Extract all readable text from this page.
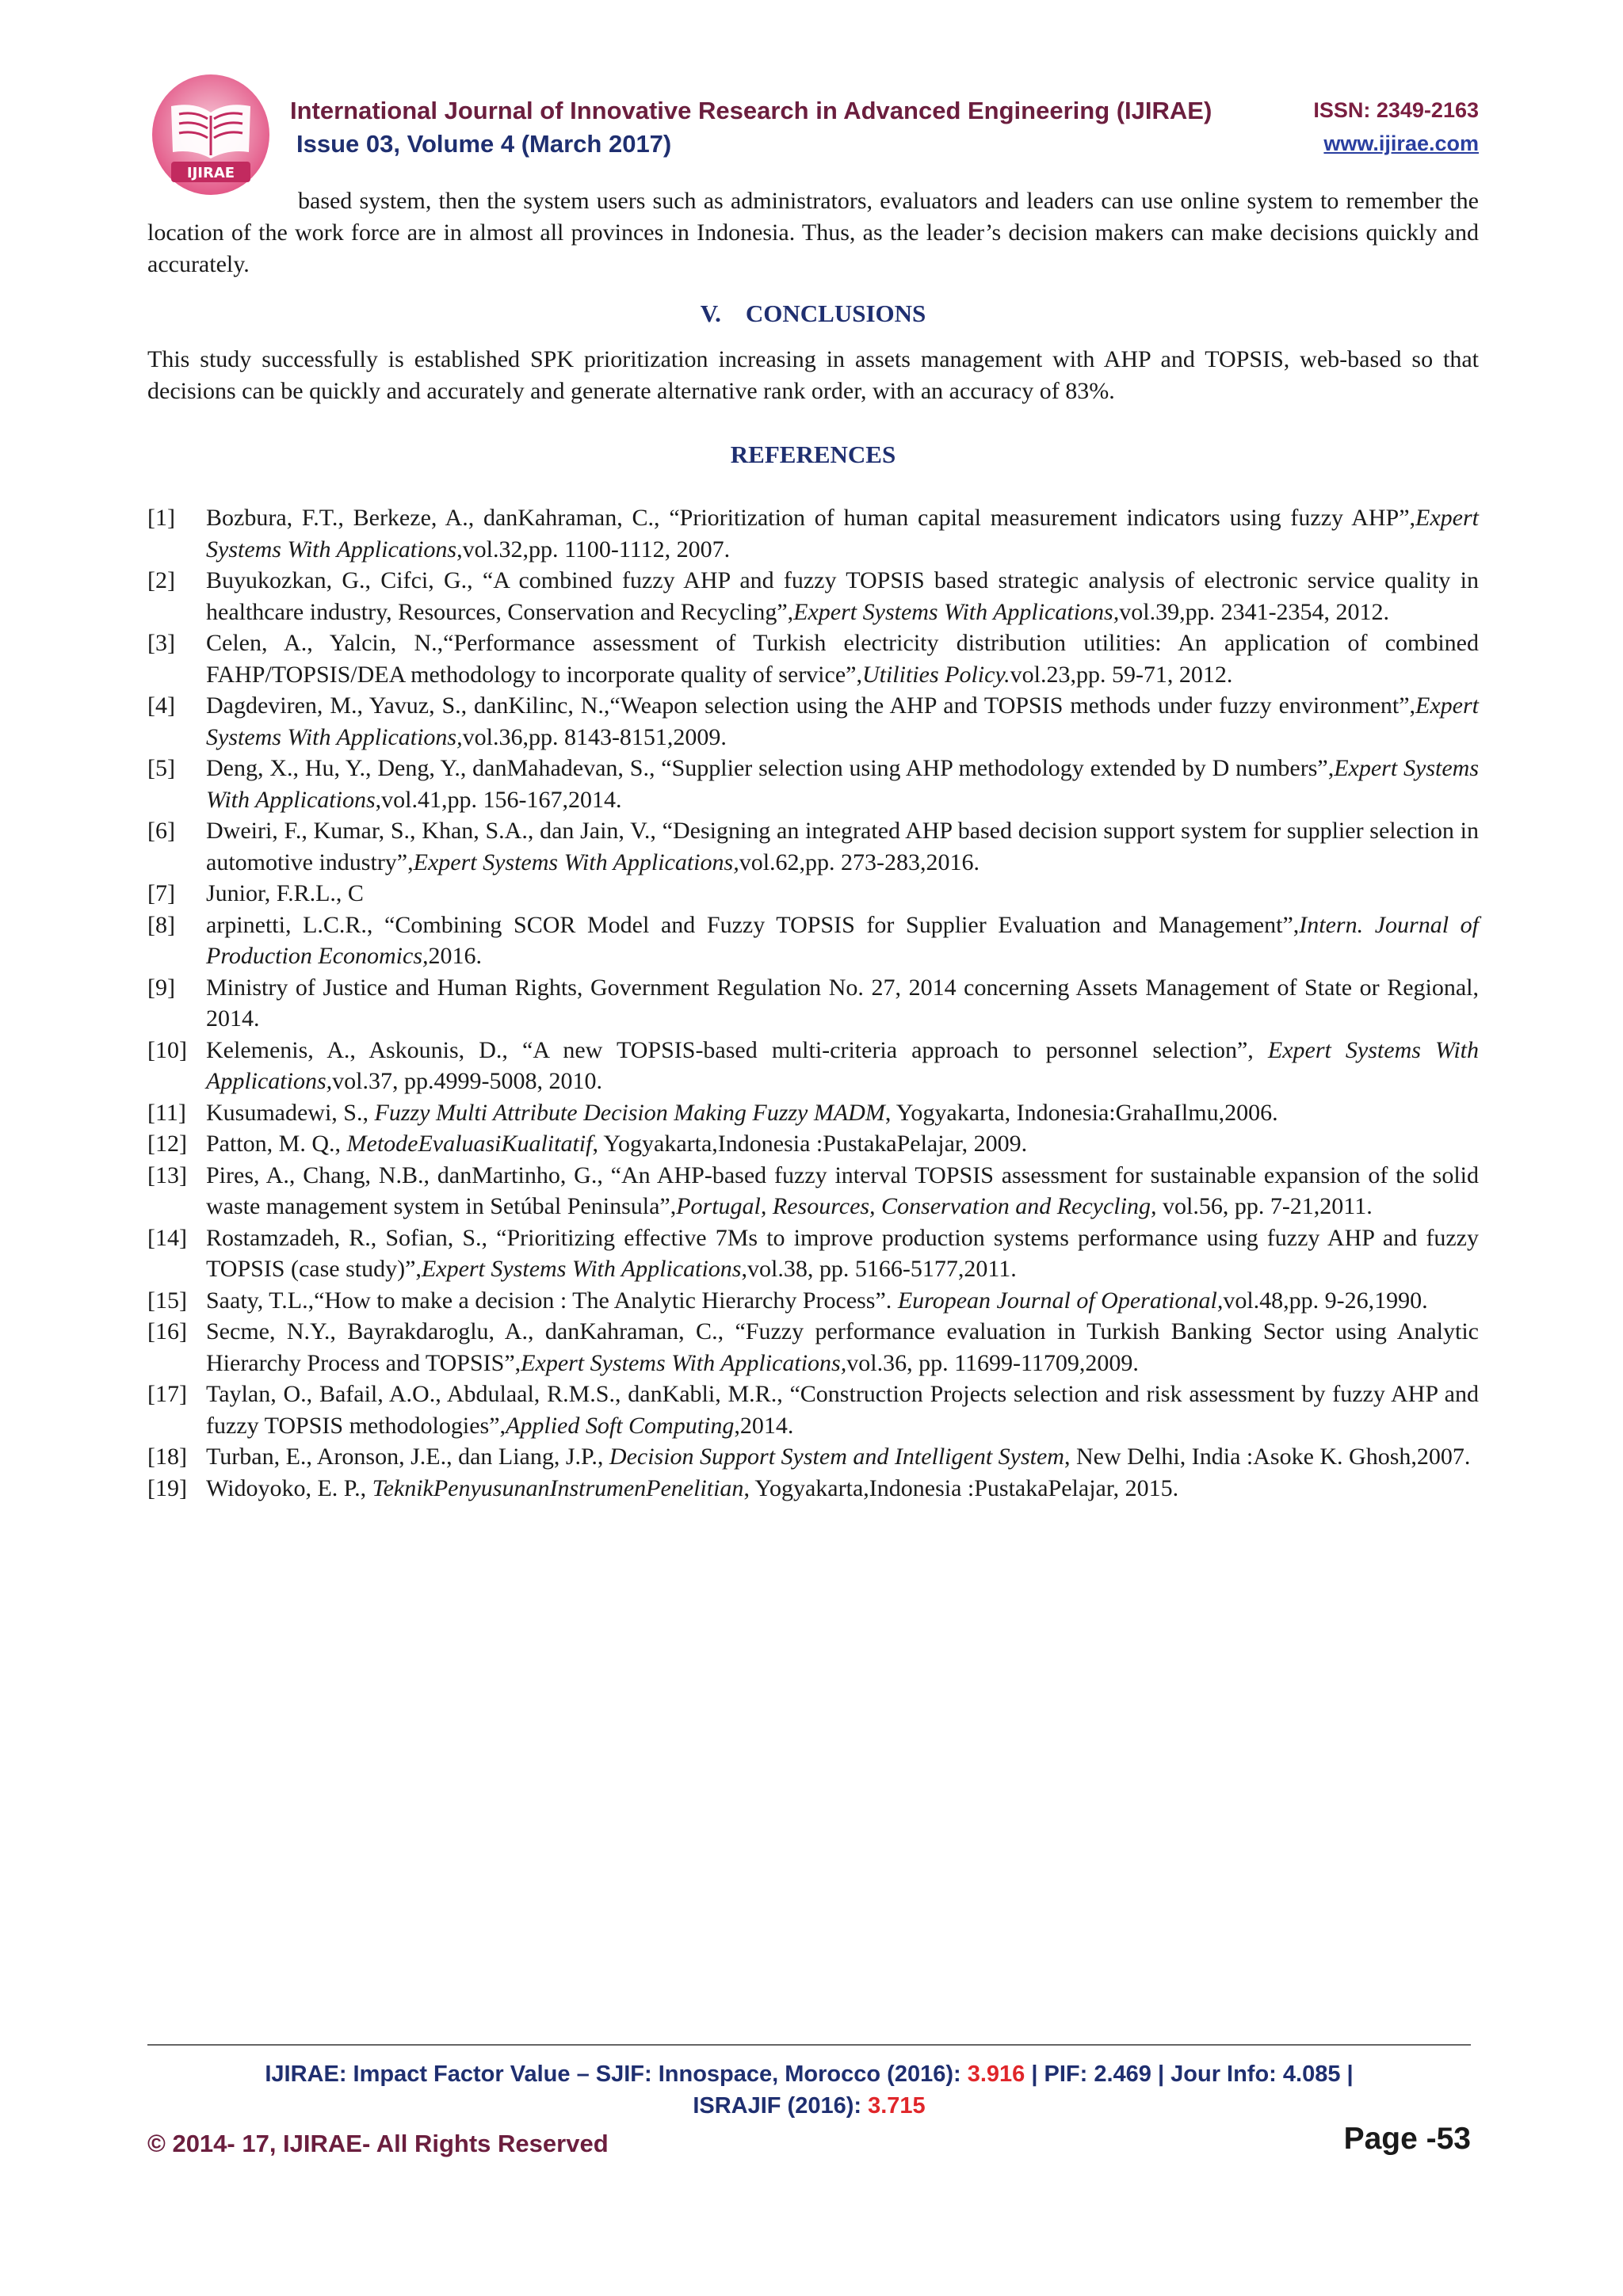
IJIRAE
International Journal of Innovative Research in Advanced Engineering (IJIRAE)	ISSN: 2349-2163
Issue 03, Volume 4 (March 2017)	www.ijirae.com

based system, then the system users such as administrators, evaluators and leaders can use online system to remember the location of the work force are in almost all provinces in Indonesia. Thus, as the leader’s decision makers can make decisions quickly and accurately.

V.    CONCLUSIONS

This study successfully is established SPK prioritization increasing in assets management with AHP and TOPSIS, web-based so that decisions can be quickly and accurately and generate alternative rank order, with an accuracy of 83%.

REFERENCES
[1]	Bozbura, F.T., Berkeze, A., danKahraman, C., “Prioritization of human capital measurement indicators using fuzzy AHP”,Expert Systems With Applications,vol.32,pp. 1100-1112, 2007.
[2]	Buyukozkan, G., Cifci, G., “A combined fuzzy AHP and fuzzy TOPSIS based strategic analysis of electronic service quality in healthcare industry, Resources, Conservation and Recycling”,Expert Systems With Applications,vol.39,pp. 2341-2354, 2012.
[3]	Celen, A., Yalcin, N.,“Performance assessment of Turkish electricity distribution utilities: An application of combined FAHP/TOPSIS/DEA methodology to incorporate quality of service”,Utilities Policy.vol.23,pp. 59-71, 2012.
[4]	Dagdeviren, M., Yavuz, S., danKilinc, N.,“Weapon selection using the AHP and TOPSIS methods under fuzzy environment”,Expert Systems With Applications,vol.36,pp. 8143-8151,2009.
[5]	Deng, X., Hu, Y., Deng, Y., danMahadevan, S., “Supplier selection using AHP methodology extended by D numbers”,Expert Systems With Applications,vol.41,pp. 156-167,2014.
[6]	Dweiri, F., Kumar, S., Khan, S.A., dan Jain, V., “Designing an integrated AHP based decision support system for supplier selection in automotive industry”,Expert Systems With Applications,vol.62,pp. 273-283,2016.
[7]	Junior, F.R.L., C
[8]	arpinetti, L.C.R., “Combining SCOR Model and Fuzzy TOPSIS for Supplier Evaluation and Management”,Intern. Journal of Production Economics,2016.
[9]	Ministry of Justice and Human Rights, Government Regulation No. 27, 2014 concerning Assets Management of State or Regional, 2014.
[10] Kelemenis, A., Askounis, D., “A new TOPSIS-based multi-criteria approach to personnel selection”, Expert Systems With Applications,vol.37, pp.4999-5008, 2010.
[11] Kusumadewi, S., Fuzzy Multi Attribute Decision Making Fuzzy MADM, Yogyakarta, Indonesia:GrahaIlmu,2006.
[12] Patton, M. Q., MetodeEvaluasiKualitatif, Yogyakarta,Indonesia :PustakaPelajar, 2009.
[13] Pires, A., Chang, N.B., danMartinho, G., “An AHP-based fuzzy interval TOPSIS assessment for sustainable expansion of the solid waste management system in Setúbal Peninsula”,Portugal, Resources, Conservation and Recycling, vol.56, pp. 7-21,2011.
[14] Rostamzadeh, R., Sofian, S., “Prioritizing effective 7Ms to improve production systems performance using fuzzy AHP and fuzzy TOPSIS (case study)”,Expert Systems With Applications,vol.38, pp. 5166-5177,2011.
[15] Saaty, T.L.,“How to make a decision : The Analytic Hierarchy Process”. European Journal of Operational,vol.48,pp. 9-26,1990.
[16] Secme, N.Y., Bayrakdaroglu, A., danKahraman, C., “Fuzzy performance evaluation in Turkish Banking Sector using Analytic Hierarchy Process and TOPSIS”,Expert Systems With Applications,vol.36, pp. 11699-11709,2009.
[17] Taylan, O., Bafail, A.O., Abdulaal, R.M.S., danKabli, M.R., “Construction Projects selection and risk assessment by fuzzy AHP and fuzzy TOPSIS methodologies”,Applied Soft Computing,2014.
[18] Turban, E., Aronson, J.E., dan Liang, J.P., Decision Support System and Intelligent System, New Delhi, India :Asoke K. Ghosh,2007.
[19] Widoyoko, E. P., TeknikPenyusunanInstrumenPenelitian, Yogyakarta,Indonesia :PustakaPelajar, 2015.
IJIRAE: Impact Factor Value – SJIF: Innospace, Morocco (2016): 3.916 | PIF: 2.469 | Jour Info: 4.085 |
ISRAJIF (2016): 3.715
© 2014- 17, IJIRAE- All Rights Reserved	Page -53
